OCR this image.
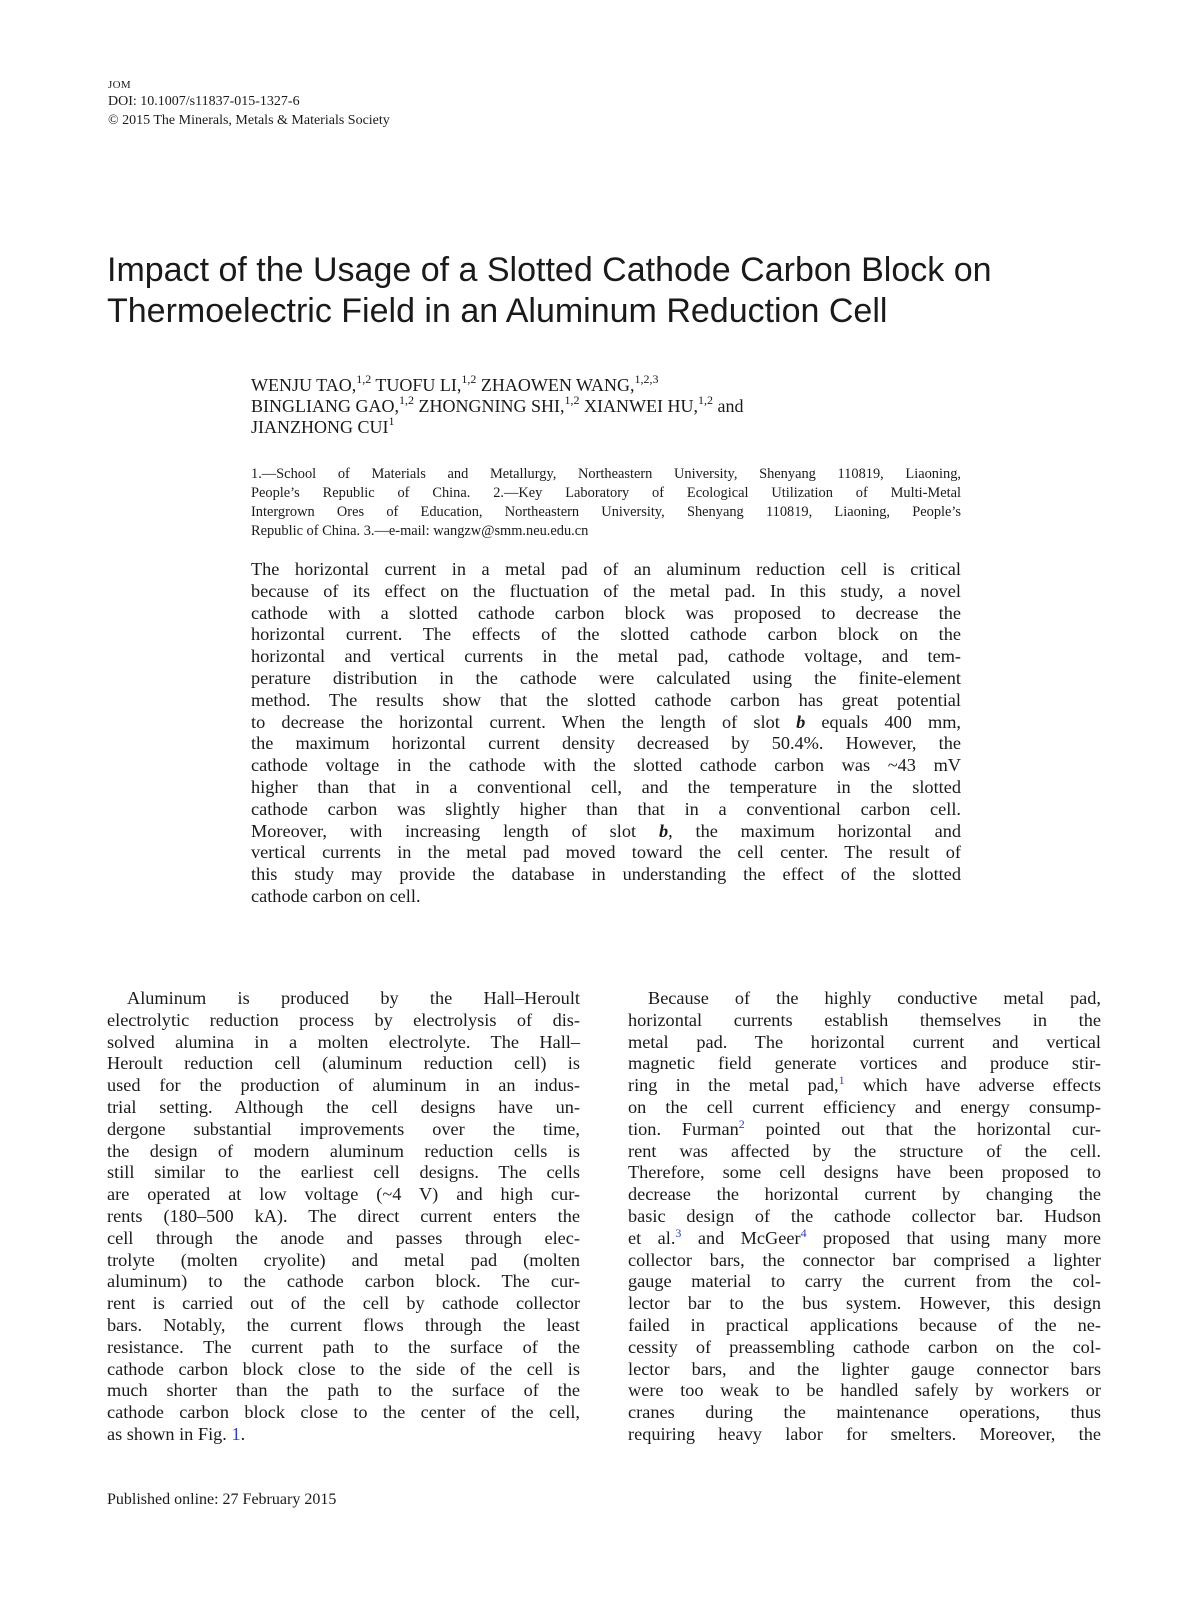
JOM
DOI: 10.1007/s11837-015-1327-6
© 2015 The Minerals, Metals & Materials Society
Impact of the Usage of a Slotted Cathode Carbon Block on
Thermoelectric Field in an Aluminum Reduction Cell
WENJU TAO,$^{1,2}$ TUOFU LI,$^{1,2}$ ZHAOWEN WANG,$^{1,2,3}$
BINGLIANG GAO,$^{1,2}$ ZHONGNING SHI,$^{1,2}$ XIANWEI HU,$^{1,2}$ and
JIANZHONG CUI$^1$
1.—School of Materials and Metallurgy, Northeastern University, Shenyang 110819, Liaoning,
People’s Republic of China. 2.—Key Laboratory of Ecological Utilization of Multi-Metal
Intergrown Ores of Education, Northeastern University, Shenyang 110819, Liaoning, People’s
Republic of China. 3.—e-mail: wangzw@smm.neu.edu.cn
The horizontal current in a metal pad of an aluminum reduction cell is critical
because of its effect on the fluctuation of the metal pad. In this study, a novel
cathode with a slotted cathode carbon block was proposed to decrease the
horizontal current. The effects of the slotted cathode carbon block on the
horizontal and vertical currents in the metal pad, cathode voltage, and tem-
perature distribution in the cathode were calculated using the finite-element
method. The results show that the slotted cathode carbon has great potential
to decrease the horizontal current. When the length of slot b equals 400 mm,
the maximum horizontal current density decreased by 50.4%. However, the
cathode voltage in the cathode with the slotted cathode carbon was ~43 mV
higher than that in a conventional cell, and the temperature in the slotted
cathode carbon was slightly higher than that in a conventional carbon cell.
Moreover, with increasing length of slot b, the maximum horizontal and
vertical currents in the metal pad moved toward the cell center. The result of
this study may provide the database in understanding the effect of the slotted
cathode carbon on cell.
Aluminum is produced by the Hall–Heroult
electrolytic reduction process by electrolysis of dis-
solved alumina in a molten electrolyte. The Hall–
Heroult reduction cell (aluminum reduction cell) is
used for the production of aluminum in an indus-
trial setting. Although the cell designs have un-
dergone substantial improvements over the time,
the design of modern aluminum reduction cells is
still similar to the earliest cell designs. The cells
are operated at low voltage (~4 V) and high cur-
rents (180–500 kA). The direct current enters the
cell through the anode and passes through elec-
trolyte (molten cryolite) and metal pad (molten
aluminum) to the cathode carbon block. The cur-
rent is carried out of the cell by cathode collector
bars. Notably, the current flows through the least
resistance. The current path to the surface of the
cathode carbon block close to the side of the cell is
much shorter than the path to the surface of the
cathode carbon block close to the center of the cell,
as shown in Fig. 1.
Because of the highly conductive metal pad,
horizontal currents establish themselves in the
metal pad. The horizontal current and vertical
magnetic field generate vortices and produce stir-
ring in the metal pad,$^1$ which have adverse effects
on the cell current efficiency and energy consump-
tion. Furman$^2$ pointed out that the horizontal cur-
rent was affected by the structure of the cell.
Therefore, some cell designs have been proposed to
decrease the horizontal current by changing the
basic design of the cathode collector bar. Hudson
et al.$^3$ and McGeer$^4$ proposed that using many more
collector bars, the connector bar comprised a lighter
gauge material to carry the current from the col-
lector bar to the bus system. However, this design
failed in practical applications because of the ne-
cessity of preassembling cathode carbon on the col-
lector bars, and the lighter gauge connector bars
were too weak to be handled safely by workers or
cranes during the maintenance operations, thus
requiring heavy labor for smelters. Moreover, the
Published online: 27 February 2015
